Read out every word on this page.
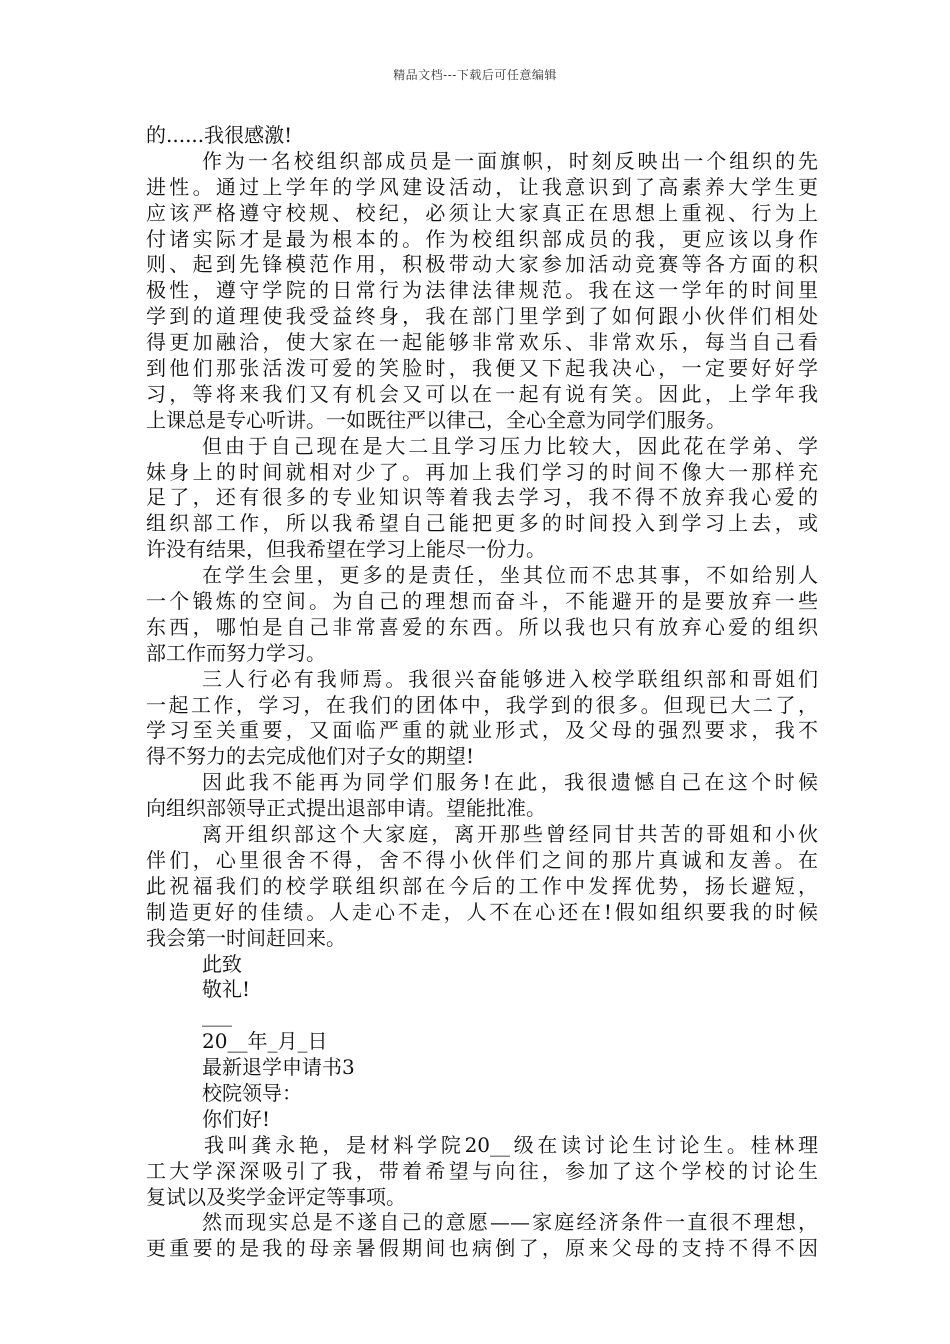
精品文档---下载后可任意编辑
的......我很感激!
作为一名校组织部成员是一面旗帜，时刻反映出一个组织的先
进性。通过上学年的学风建设活动，让我意识到了高素养大学生更
应该严格遵守校规、校纪，必须让大家真正在思想上重视、行为上
付诸实际才是最为根本的。作为校组织部成员的我，更应该以身作
则、起到先锋模范作用，积极带动大家参加活动竞赛等各方面的积
极性，遵守学院的日常行为法律法律规范。我在这一学年的时间里
学到的道理使我受益终身，我在部门里学到了如何跟小伙伴们相处
得更加融洽，使大家在一起能够非常欢乐、非常欢乐，每当自己看
到他们那张活泼可爱的笑脸时，我便又下起我决心，一定要好好学
习，等将来我们又有机会又可以在一起有说有笑。因此，上学年我
上课总是专心听讲。一如既往严以律己，全心全意为同学们服务。
但由于自己现在是大二且学习压力比较大，因此花在学弟、学
妹身上的时间就相对少了。再加上我们学习的时间不像大一那样充
足了，还有很多的专业知识等着我去学习，我不得不放弃我心爱的
组织部工作，所以我希望自己能把更多的时间投入到学习上去，或
许没有结果，但我希望在学习上能尽一份力。
在学生会里，更多的是责任，坐其位而不忠其事，不如给别人
一个锻炼的空间。为自己的理想而奋斗，不能避开的是要放弃一些
东西，哪怕是自己非常喜爱的东西。所以我也只有放弃心爱的组织
部工作而努力学习。
三人行必有我师焉。我很兴奋能够进入校学联组织部和哥姐们
一起工作，学习，在我们的团体中，我学到的很多。但现已大二了，
学习至关重要，又面临严重的就业形式，及父母的强烈要求，我不
得不努力的去完成他们对子女的期望!
因此我不能再为同学们服务!在此，我很遗憾自己在这个时候
向组织部领导正式提出退部申请。望能批准。
离开组织部这个大家庭，离开那些曾经同甘共苦的哥姐和小伙
伴们，心里很舍不得，舍不得小伙伴们之间的那片真诚和友善。在
此祝福我们的校学联组织部在今后的工作中发挥优势，扬长避短，
制造更好的佳绩。人走心不走，人不在心还在!假如组织要我的时候
我会第一时间赶回来。
此致
敬礼!
___
20__年_月_日
最新退学申请书3
校院领导：
你们好!
我叫龚永艳，是材料学院20__级在读讨论生讨论生。桂林理
工大学深深吸引了我，带着希望与向往，参加了这个学校的讨论生
复试以及奖学金评定等事项。
然而现实总是不遂自己的意愿——家庭经济条件一直很不理想，
更重要的是我的母亲暑假期间也病倒了，原来父母的支持不得不因
